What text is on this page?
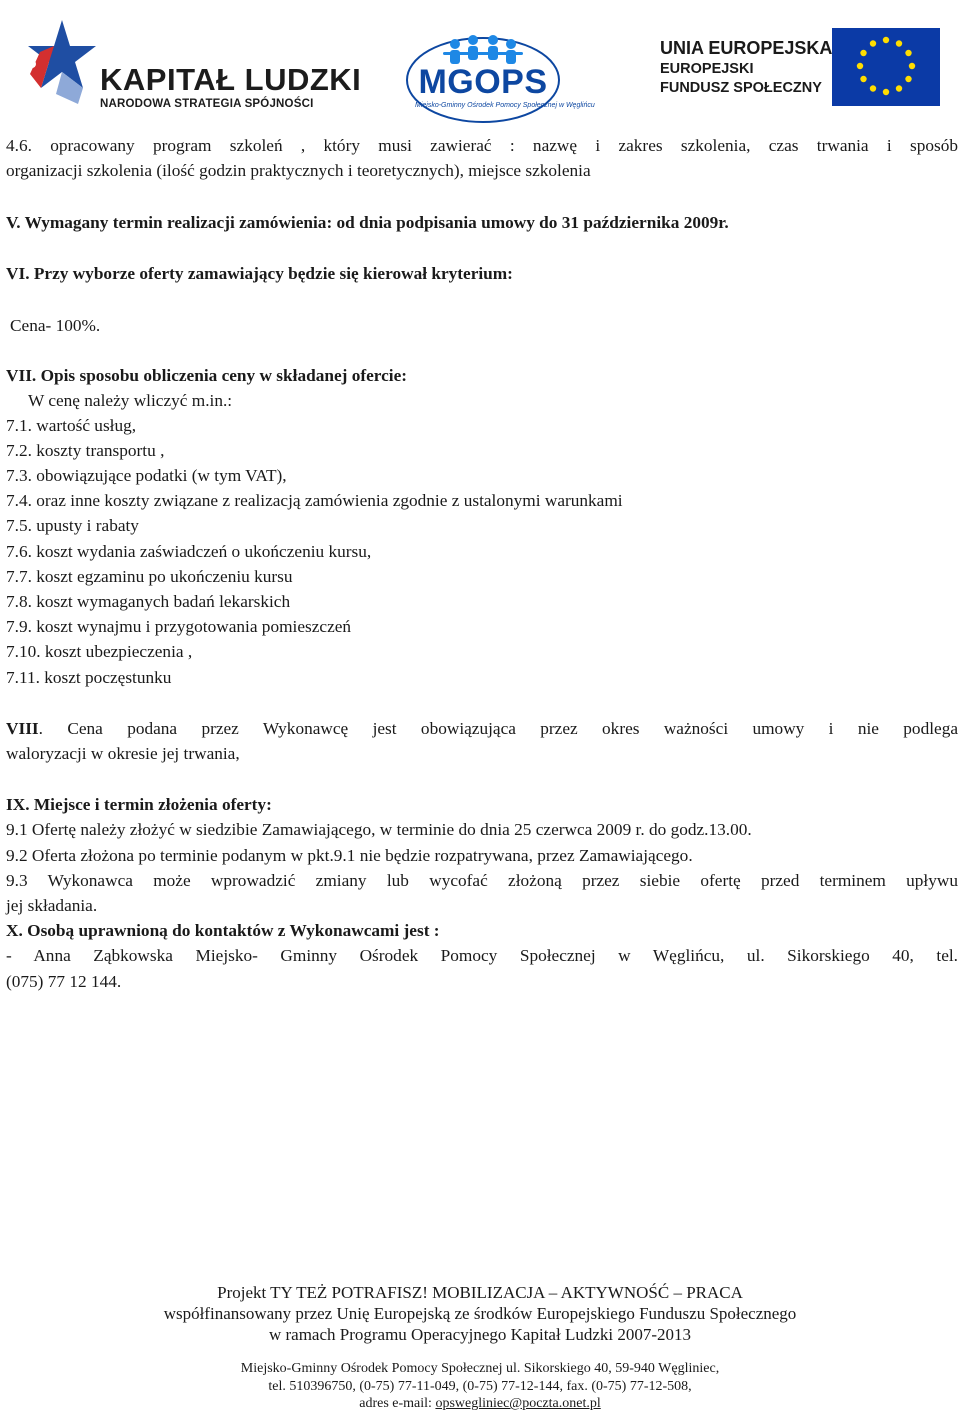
KAPITAŁ LUDZKI
NARODOWA STRATEGIA SPÓJNOŚCI
MGOPS
Miejsko-Gminny Ośrodek Pomocy Społecznej w Węglińcu
UNIA EUROPEJSKA
EUROPEJSKI
FUNDUSZ SPOŁECZNY
4.6. opracowany program szkoleń , który musi zawierać : nazwę i zakres szkolenia, czas trwania i sposób
organizacji szkolenia (ilość godzin praktycznych i teoretycznych), miejsce szkolenia
V. Wymagany termin realizacji zamówienia: od dnia podpisania umowy do 31 października 2009r.
VI. Przy wyborze oferty zamawiający będzie się kierował kryterium:
Cena- 100%.
VII. Opis sposobu obliczenia ceny w składanej ofercie:
W cenę należy wliczyć m.in.:
7.1. wartość usług,
7.2. koszty transportu ,
7.3. obowiązujące podatki (w tym VAT),
7.4. oraz inne koszty związane z realizacją zamówienia zgodnie z ustalonymi warunkami
7.5. upusty i rabaty
7.6. koszt wydania zaświadczeń o ukończeniu kursu,
7.7. koszt egzaminu po ukończeniu kursu
7.8. koszt wymaganych badań lekarskich
7.9. koszt wynajmu i przygotowania pomieszczeń
7.10. koszt ubezpieczenia ,
7.11. koszt poczęstunku
VIII. Cena podana przez Wykonawcę jest obowiązująca przez okres ważności umowy i nie podlega
waloryzacji w okresie jej trwania,
IX. Miejsce i termin złożenia oferty:
9.1 Ofertę należy złożyć w siedzibie Zamawiającego, w terminie do dnia 25 czerwca 2009 r. do godz.13.00.
9.2 Oferta złożona po terminie podanym w pkt.9.1 nie będzie rozpatrywana, przez Zamawiającego.
9.3 Wykonawca może wprowadzić zmiany lub wycofać złożoną przez siebie ofertę przed terminem upływu
jej składania.
X. Osobą uprawnioną do kontaktów z Wykonawcami jest :
- Anna Ząbkowska Miejsko- Gminny Ośrodek Pomocy Społecznej w Węglińcu, ul. Sikorskiego 40, tel.
(075) 77 12 144.
Projekt TY TEŻ POTRAFISZ! MOBILIZACJA – AKTYWNOŚĆ – PRACA
współfinansowany przez Unię Europejską ze środków Europejskiego Funduszu Społecznego
w ramach Programu Operacyjnego Kapitał Ludzki 2007-2013
Miejsko-Gminny Ośrodek Pomocy Społecznej ul. Sikorskiego 40, 59-940 Węgliniec,
tel. 510396750, (0-75) 77-11-049, (0-75) 77-12-144, fax. (0-75) 77-12-508,
adres e-mail: opswegliniec@poczta.onet.pl
